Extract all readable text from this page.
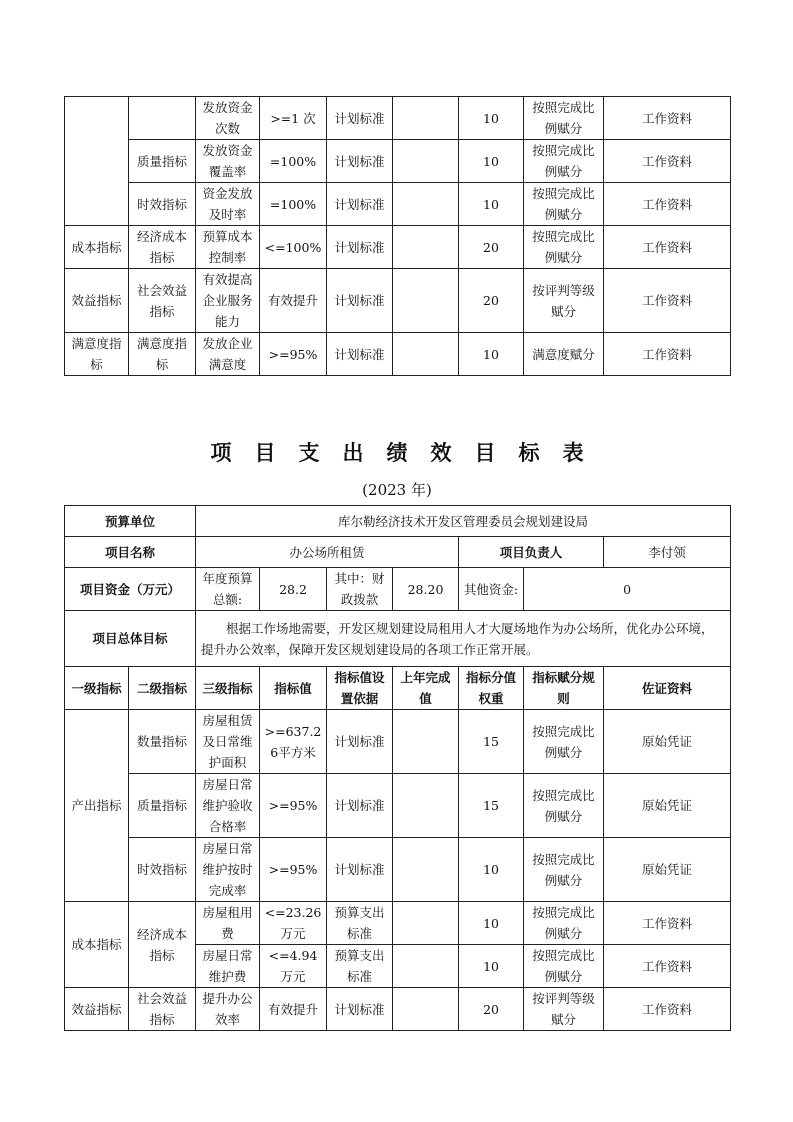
		发放资金次数	>=1 次	计划标准		10	按照完成比例赋分	工作资料
	质量指标	发放资金覆盖率	=100%	计划标准		10	按照完成比例赋分	工作资料
	时效指标	资金发放及时率	=100%	计划标准		10	按照完成比例赋分	工作资料
成本指标	经济成本指标	预算成本控制率	<=100%	计划标准		20	按照完成比例赋分	工作资料
效益指标	社会效益指标	有效提高企业服务能力	有效提升	计划标准		20	按评判等级赋分	工作资料
满意度指标	满意度指标	发放企业满意度	>=95%	计划标准		10	满意度赋分	工作资料
项目支出绩效目标表
(2023 年)
预算单位		库尔勒经济技术开发区管理委员会规划建设局						
项目名称		办公场所租赁				项目负责人		李付领
项目资金（万元）		年度预算总额:	28.2	其中：财政拨款	28.20	其他资金:	0	
项目总体目标		根据工作场地需要，开发区规划建设局租用人才大厦场地作为办公场所，优化办公环境，提升办公效率，保障开发区规划建设局的各项工作正常开展。						

一级指标	二级指标	三级指标	指标值	指标值设置依据	上年完成值	指标分值权重	指标赋分规则	佐证资料
产出指标	数量指标	房屋租赁及日常维护面积	>=637.26平方米	计划标准		15	按照完成比例赋分	原始凭证
	质量指标	房屋日常维护验收合格率	>=95%	计划标准		15	按照完成比例赋分	原始凭证
	时效指标	房屋日常维护按时完成率	>=95%	计划标准		10	按照完成比例赋分	原始凭证
成本指标	经济成本指标	房屋租用费	<=23.26万元	预算支出标准		10	按照完成比例赋分	工作资料
		房屋日常维护费	<=4.94万元	预算支出标准		10	按照完成比例赋分	工作资料
效益指标	社会效益指标	提升办公效率	有效提升	计划标准		20	按评判等级赋分	工作资料
